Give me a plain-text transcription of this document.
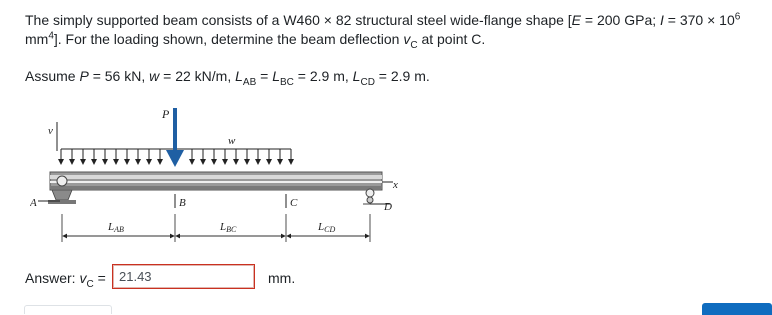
The simply supported beam consists of a W460 × 82 structural steel wide-flange shape [E = 200 GPa; $I = 370 \times 10^6$ $mm^4$]. For the loading shown, determine the beam deflection $v_C$ at point C.

Assume P = 56 kN, w = 22 kN/m, $L_{AB} = L_{BC} = 2.9$ m, $L_{CD} = 2.9$ m.
v
x
w
P
A	D
B	C
LAB	LBC	LCD
Answer: $v_C$ =
21.43	mm.
